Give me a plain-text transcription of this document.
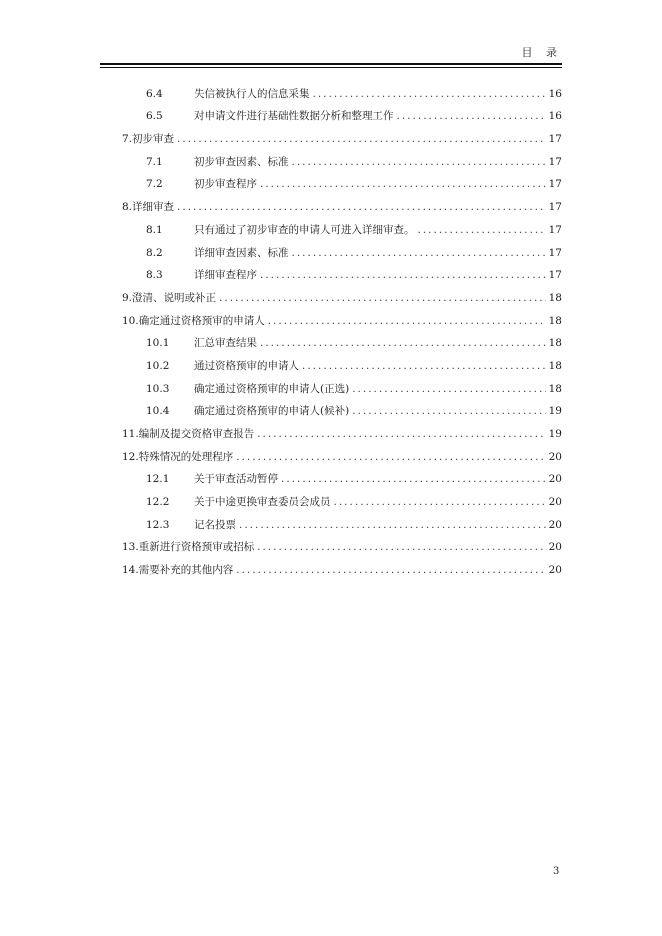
目 录
6.4	失信被执行人的信息采集 .....	16
6.5	对申请文件进行基础性数据分析和整理工作 .....	16
7. 初步审查 .....	17
7.1	初步审查因素、标准 .....	17
7.2	初步审查程序 .....	17
8. 详细审查 .....	17
8.1	只有通过了初步审查的申请人可进入详细审查。 .....	17
8.2	详细审查因素、标准 .....	17
8.3	详细审查程序 .....	17
9. 澄清、说明或补正 .....	18
10. 确定通过资格预审的申请人 .....	18
10.1	汇总审查结果 .....	18
10.2	通过资格预审的申请人 .....	18
10.3	确定通过资格预审的申请人(正选) .....	18
10.4	确定通过资格预审的申请人(候补) .....	19
11. 编制及提交资格审查报告 .....	19
12. 特殊情况的处理程序 .....	20
12.1	关于审查活动暂停 .....	20
12.2	关于中途更换审查委员会成员 .....	20
12.3	记名投票 .....	20
13. 重新进行资格预审或招标 .....	20
14. 需要补充的其他内容 .....	20
3
